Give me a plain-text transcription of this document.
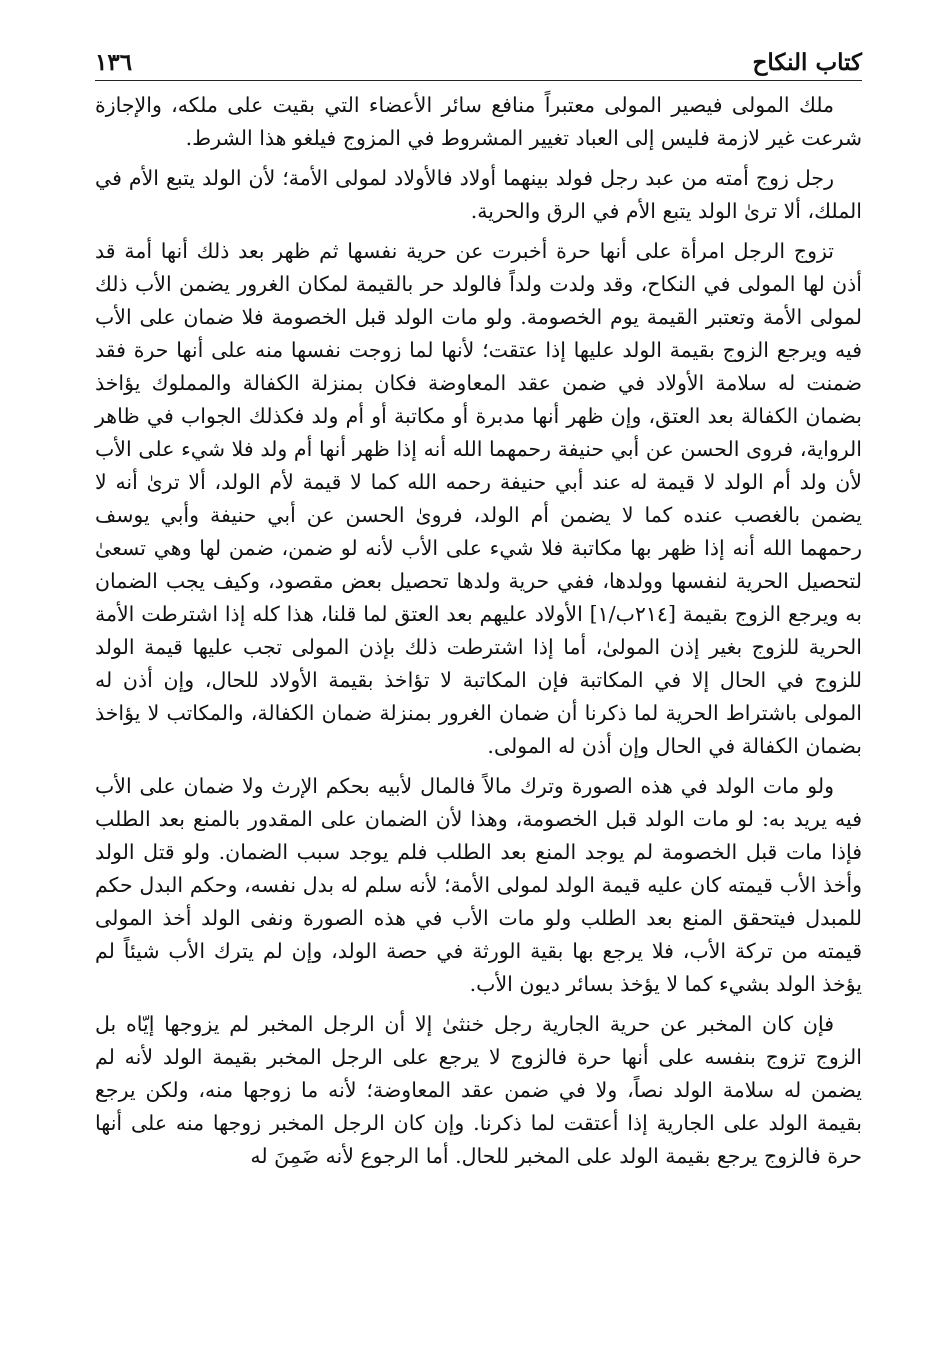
كتاب النكاح
١٣٦

ملك المولى فيصير المولى معتبراً منافع سائر الأعضاء التي بقيت على ملكه، والإجازة شرعت غير لازمة فليس إلى العباد تغيير المشروط في المزوج فيلغو هذا الشرط.

رجل زوج أمته من عبد رجل فولد بينهما أولاد فالأولاد لمولى الأمة؛ لأن الولد يتبع الأم في الملك، ألا ترىٰ الولد يتبع الأم في الرق والحرية.

تزوج الرجل امرأة على أنها حرة أخبرت عن حرية نفسها ثم ظهر بعد ذلك أنها أمة قد أذن لها المولى في النكاح، وقد ولدت ولداً فالولد حر بالقيمة لمكان الغرور يضمن الأب ذلك لمولى الأمة وتعتبر القيمة يوم الخصومة. ولو مات الولد قبل الخصومة فلا ضمان على الأب فيه ويرجع الزوج بقيمة الولد عليها إذا عتقت؛ لأنها لما زوجت نفسها منه على أنها حرة فقد ضمنت له سلامة الأولاد في ضمن عقد المعاوضة فكان بمنزلة الكفالة والمملوك يؤاخذ بضمان الكفالة بعد العتق، وإن ظهر أنها مدبرة أو مكاتبة أو أم ولد فكذلك الجواب في ظاهر الرواية، فروى الحسن عن أبي حنيفة رحمهما الله أنه إذا ظهر أنها أم ولد فلا شيء على الأب لأن ولد أم الولد لا قيمة له عند أبي حنيفة رحمه الله كما لا قيمة لأم الولد، ألا ترىٰ أنه لا يضمن بالغصب عنده كما لا يضمن أم الولد، فروىٰ الحسن عن أبي حنيفة وأبي يوسف رحمهما الله أنه إذا ظهر بها مكاتبة فلا شيء على الأب لأنه لو ضمن، ضمن لها وهي تسعىٰ لتحصيل الحرية لنفسها وولدها، ففي حرية ولدها تحصيل بعض مقصود، وكيف يجب الضمان به ويرجع الزوج بقيمة [٢١٤ب/١] الأولاد عليهم بعد العتق لما قلنا، هذا كله إذا اشترطت الأمة الحرية للزوج بغير إذن المولىٰ، أما إذا اشترطت ذلك بإذن المولى تجب عليها قيمة الولد للزوج في الحال إلا في المكاتبة فإن المكاتبة لا تؤاخذ بقيمة الأولاد للحال، وإن أذن له المولى باشتراط الحرية لما ذكرنا أن ضمان الغرور بمنزلة ضمان الكفالة، والمكاتب لا يؤاخذ بضمان الكفالة في الحال وإن أذن له المولى.

ولو مات الولد في هذه الصورة وترك مالاً فالمال لأبيه بحكم الإرث ولا ضمان على الأب فيه يريد به: لو مات الولد قبل الخصومة، وهذا لأن الضمان على المقدور بالمنع بعد الطلب فإذا مات قبل الخصومة لم يوجد المنع بعد الطلب فلم يوجد سبب الضمان. ولو قتل الولد وأخذ الأب قيمته كان عليه قيمة الولد لمولى الأمة؛ لأنه سلم له بدل نفسه، وحكم البدل حكم للمبدل فيتحقق المنع بعد الطلب ولو مات الأب في هذه الصورة ونفى الولد أخذ المولى قيمته من تركة الأب، فلا يرجع بها بقية الورثة في حصة الولد، وإن لم يترك الأب شيئاً لم يؤخذ الولد بشيء كما لا يؤخذ بسائر ديون الأب.

فإن كان المخبر عن حرية الجارية رجل خنثىٰ إلا أن الرجل المخبر لم يزوجها إيّاه بل الزوج تزوج بنفسه على أنها حرة فالزوج لا يرجع على الرجل المخبر بقيمة الولد لأنه لم يضمن له سلامة الولد نصاً، ولا في ضمن عقد المعاوضة؛ لأنه ما زوجها منه، ولكن يرجع بقيمة الولد على الجارية إذا أعتقت لما ذكرنا. وإن كان الرجل المخبر زوجها منه على أنها حرة فالزوج يرجع بقيمة الولد على المخبر للحال. أما الرجوع لأنه ضَمِنَ له
